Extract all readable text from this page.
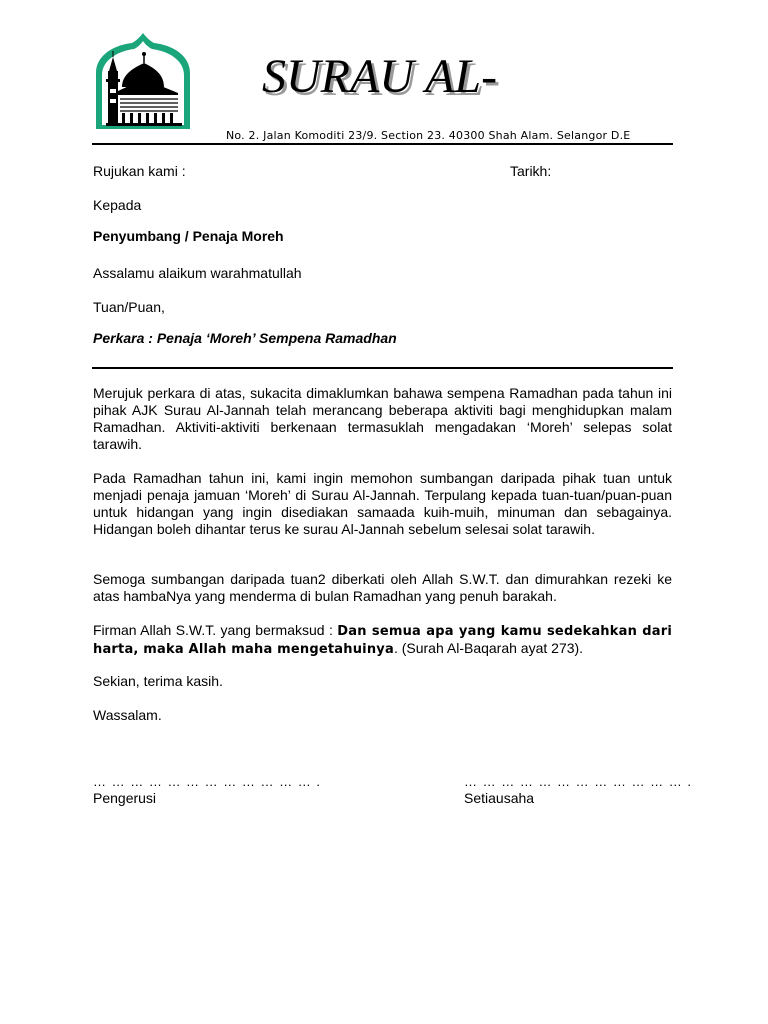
SURAU AL-
No. 2. Jalan Komoditi 23/9. Section 23. 40300 Shah Alam. Selangor D.E
Rujukan kami :	Tarikh:
Kepada
Penyumbang / Penaja Moreh
Assalamu alaikum warahmatullah
Tuan/Puan,
Perkara : Penaja ‘Moreh’ Sempena Ramadhan
Merujuk perkara di atas, sukacita dimaklumkan bahawa sempena Ramadhan pada tahun ini pihak AJK Surau Al-Jannah telah merancang beberapa aktiviti bagi menghidupkan malam Ramadhan. Aktiviti-aktiviti berkenaan termasuklah mengadakan ‘Moreh’ selepas solat tarawih.
Pada Ramadhan tahun ini, kami ingin memohon sumbangan daripada pihak tuan untuk menjadi penaja jamuan ‘Moreh’ di Surau Al-Jannah. Terpulang kepada tuan-tuan/puan-puan untuk hidangan yang ingin disediakan samaada kuih-muih, minuman dan sebagainya. Hidangan boleh dihantar terus ke surau Al-Jannah sebelum selesai solat tarawih.
Semoga sumbangan daripada tuan2 diberkati oleh Allah S.W.T. dan dimurahkan rezeki ke atas hambaNya yang menderma di bulan Ramadhan yang penuh barakah.
Firman Allah S.W.T. yang bermaksud : Dan semua apa yang kamu sedekahkan dari harta, maka Allah maha mengetahuinya. (Surah Al-Baqarah ayat 273).
Sekian, terima kasih.
Wassalam.
… … … … … … … … … … … … .
Pengerusi
… … … … … … … … … … … … .
Setiausaha
